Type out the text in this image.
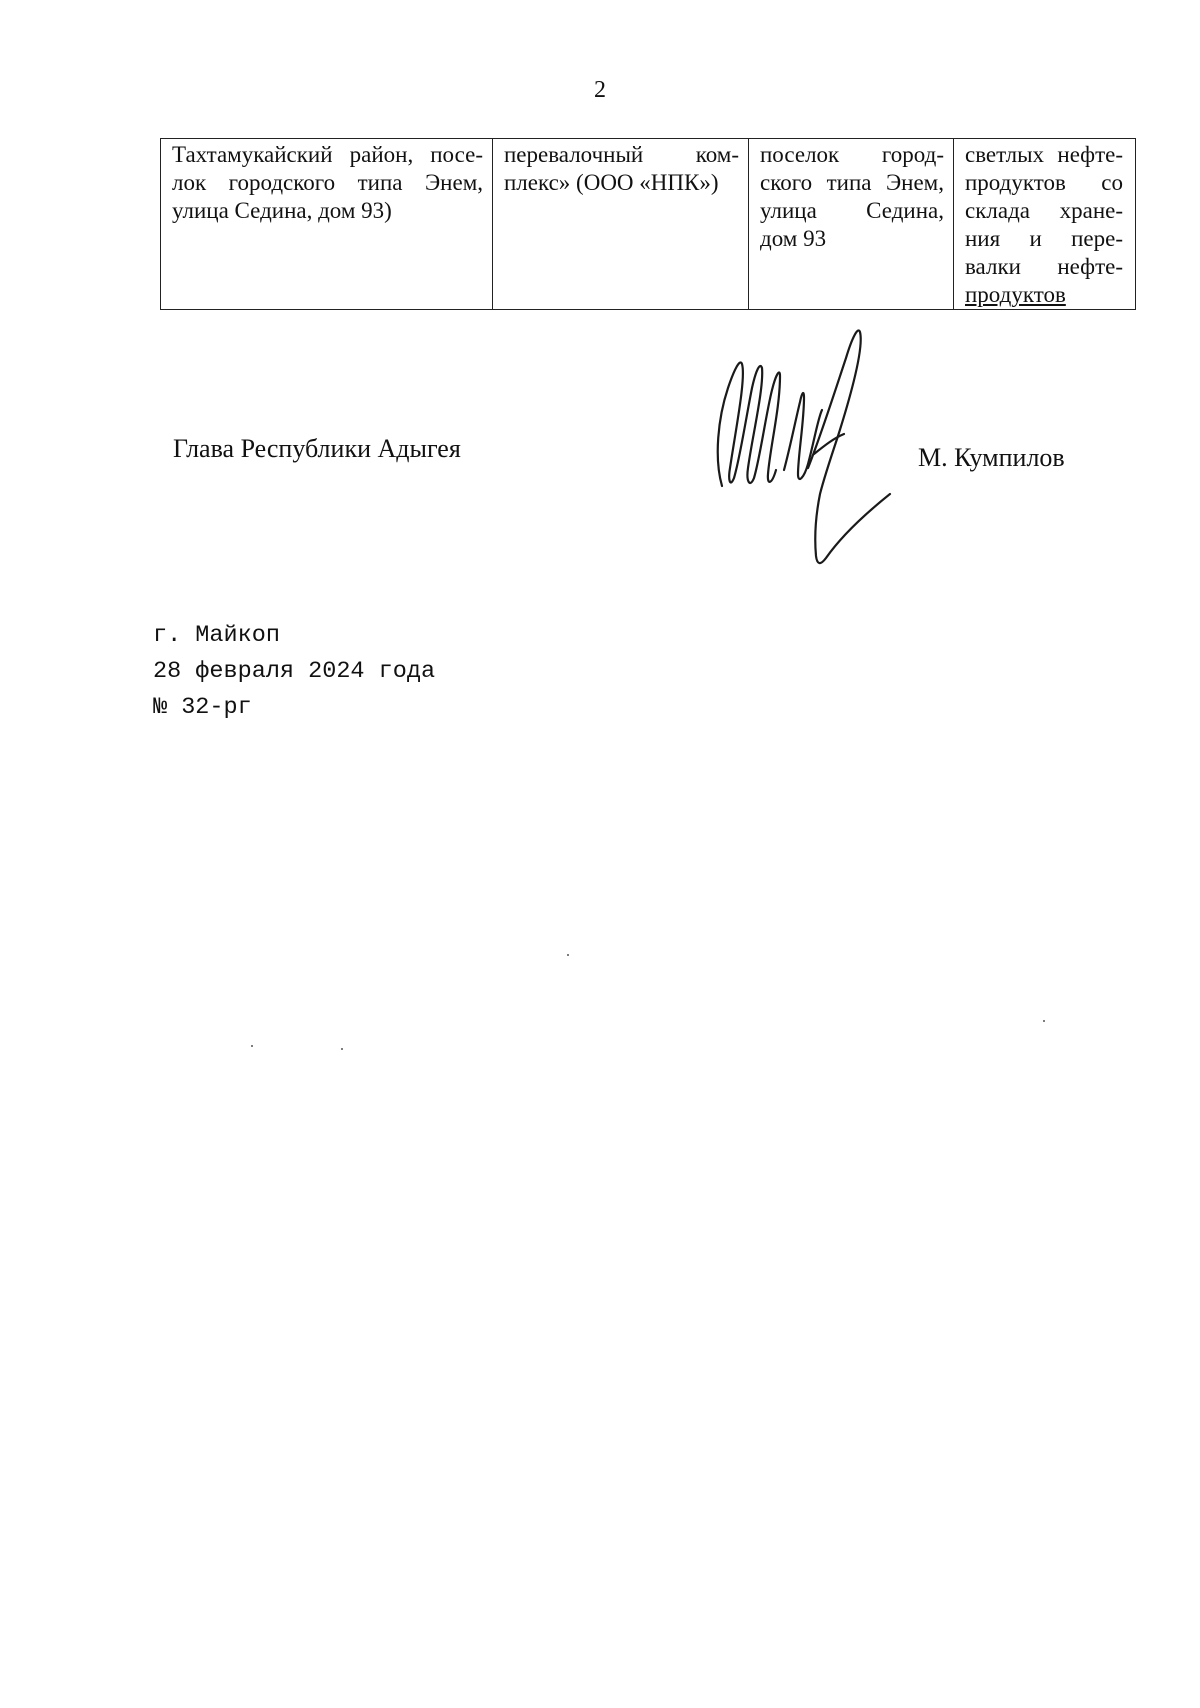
2
Тахтамукайский район, посе-
лок городского типа Энем,
улица Седина, дом 93)

перевалочный ком-
плекс» (ООО «НПК»)

поселок город-
ского типа Энем,
улица Седина,
дом 93

светлых нефте-
продуктов со
склада хране-
ния и пере-
валки нефте-
продуктов
Глава Республики Адыгея	М. Кумпилов
г. Майкоп
28 февраля 2024 года
№ 32-рг
